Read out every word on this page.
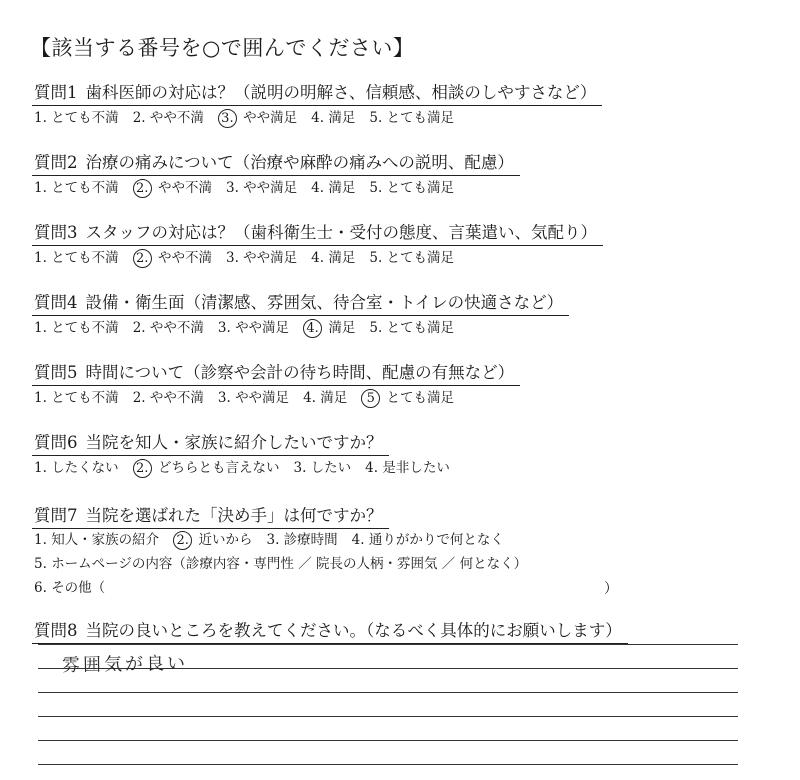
【該当する番号を○で囲んでください】
質問1 歯科医師の対応は？（説明の明解さ、信頼感、相談のしやすさなど）
1. とても不満 2. やや不満 3. やや満足 4. 満足 5. とても満足
質問2 治療の痛みについて（治療や麻酔の痛みへの説明、配慮）
1. とても不満 2. やや不満 3. やや満足 4. 満足 5. とても満足
質問3 スタッフの対応は？（歯科衛生士・受付の態度、言葉遣い、気配り）
1. とても不満 2. やや不満 3. やや満足 4. 満足 5. とても満足
質問4 設備・衛生面（清潔感、雰囲気、待合室・トイレの快適さなど）
1. とても不満 2. やや不満 3. やや満足 4. 満足 5. とても満足
質問5 時間について（診察や会計の待ち時間、配慮の有無など）
1. とても不満 2. やや不満 3. やや満足 4. 満足 5 とても満足
質問6 当院を知人・家族に紹介したいですか？
1. したくない 2. どちらとも言えない 3. したい 4. 是非したい
質問7 当院を選ばれた「決め手」は何ですか？
1. 知人・家族の紹介 2. 近いから 3. 診療時間 4. 通りがかりで何となく
5. ホームページの内容（診療内容・専門性 ／ 院長の人柄・雰囲気 ／ 何となく）
6. その他（	）
質問8 当院の良いところを教えてください。（なるべく具体的にお願いします）
雰囲気が良い
